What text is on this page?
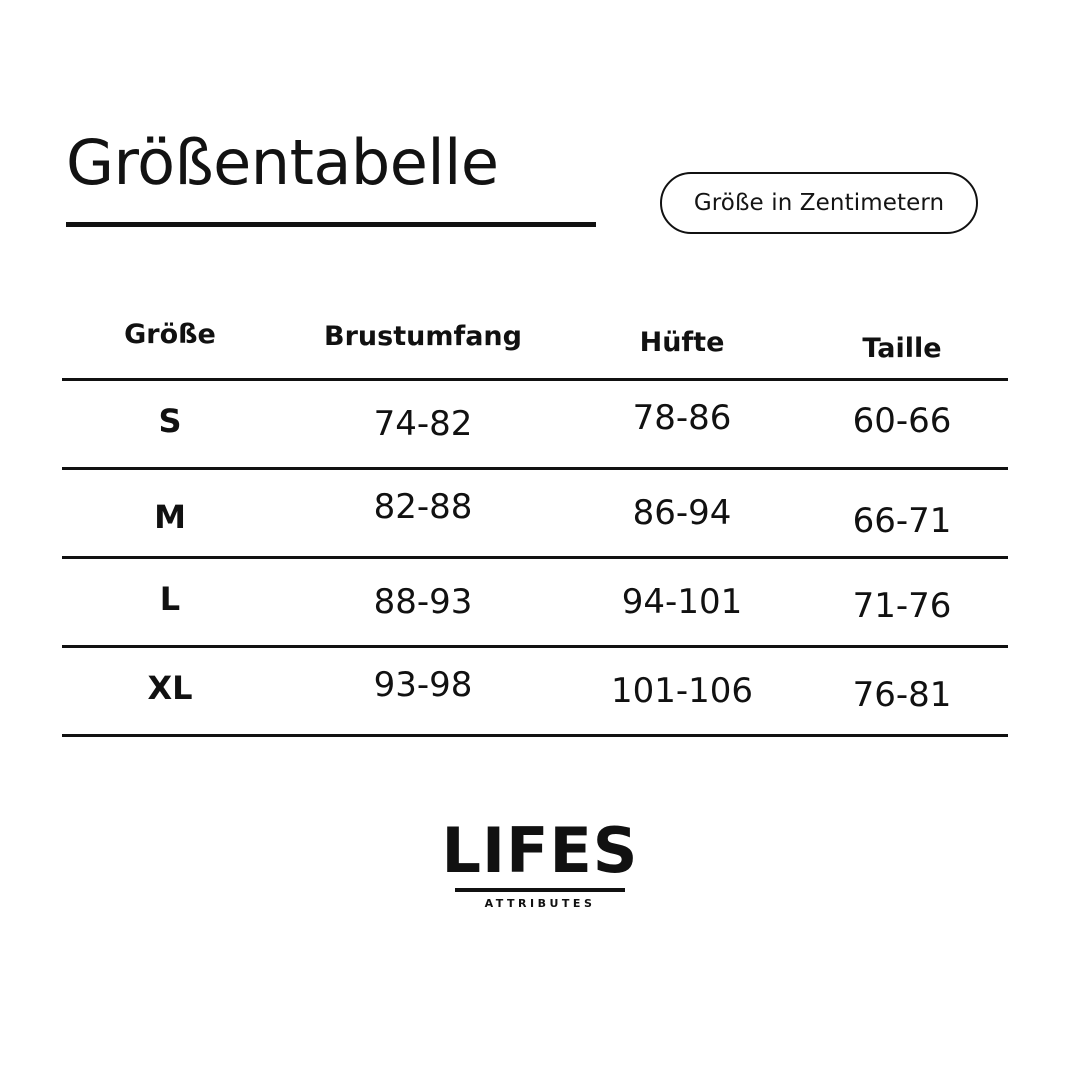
Größentabelle
Größe in Zentimetern
Größe	Brustumfang	Hüfte	Taille
S	74-82	78-86	60-66
M	82-88	86-94	66-71
L	88-93	94-101	71-76
XL	93-98	101-106	76-81
LIFES
ATTRIBUTES
